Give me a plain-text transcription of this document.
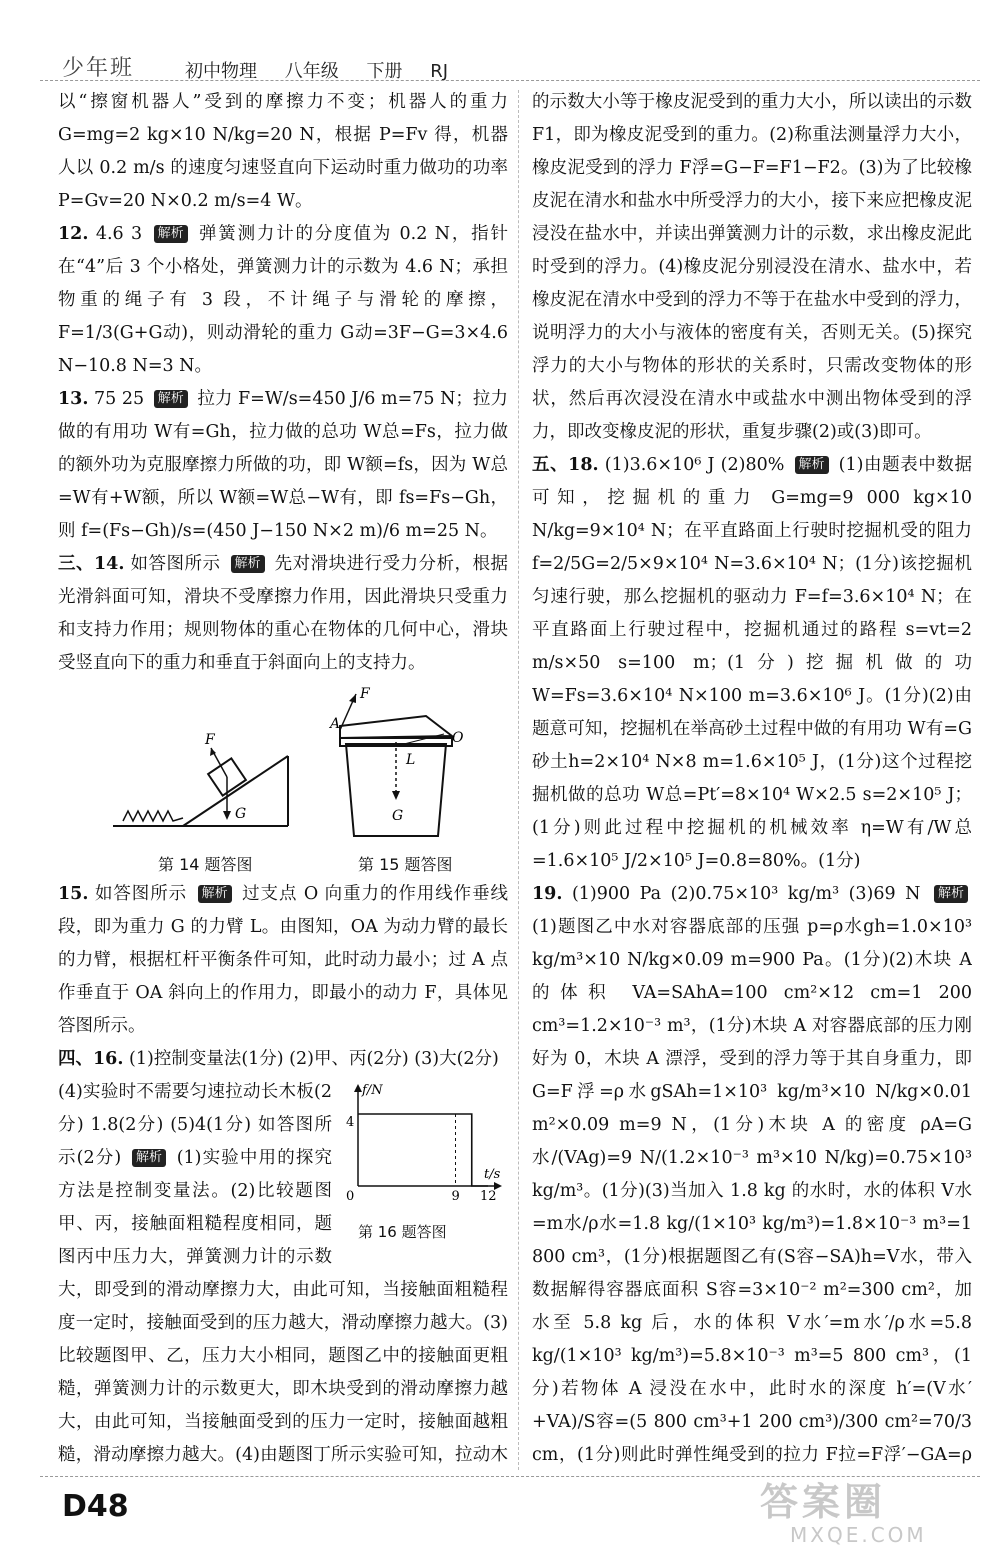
少年班	初中物理 八年级 下册 RJ

以“擦窗机器人”受到的摩擦力不变；机器人的重力 G=mg=2 kg×10 N/kg=20 N，根据 P=Fv 得，机器人以 0.2 m/s 的速度匀速竖直向下运动时重力做功的功率 P=Gv=20 N×0.2 m/s=4 W。

12. 4.6 3 解析 弹簧测力计的分度值为 0.2 N，指针在“4”后 3 个小格处，弹簧测力计的示数为 4.6 N；承担物重的绳子有 3 段，不计绳子与滑轮的摩擦，F=1/3(G+G动)，则动滑轮的重力 G动=3F−G=3×4.6 N−10.8 N=3 N。

13. 75 25 解析 拉力 F=W/s=450 J/6 m=75 N；拉力做的有用功 W有=Gh，拉力做的总功 W总=Fs，拉力做的额外功为克服摩擦力所做的功，即 W额=fs，因为 W总=W有+W额，所以 W额=W总−W有，即 fs=Fs−Gh，则 f=(Fs−Gh)/s=(450 J−150 N×2 m)/6 m=25 N。

三、14. 如答图所示 解析 先对滑块进行受力分析，根据光滑斜面可知，滑块不受摩擦力作用，因此滑块只受重力和支持力作用；规则物体的重心在物体的几何中心，滑块受竖直向下的重力和垂直于斜面向上的支持力。

F
G
F
A
L
O
G
第 14 题答图	第 15 题答图

15. 如答图所示 解析 过支点 O 向重力的作用线作垂线段，即为重力 G 的力臂 L。由图知，OA 为动力臂的最长的力臂，根据杠杆平衡条件可知，此时动力最小；过 A 点作垂直于 OA 斜向上的作用力，即最小的动力 F，具体见答图所示。

四、16. (1)控制变量法(1分) (2)甲、丙(2分) (3)大(2分)

f/N
t/s
0
4
9 12
第 16 题答图

(4)实验时不需要匀速拉动长木板(2分) 1.8(2分) (5)4(1分) 如答图所示(2分) 解析 (1)实验中用的探究方法是控制变量法。(2)比较题图甲、丙，接触面粗糙程度相同，题图丙中压力大，弹簧测力计的示数大，即受到的滑动摩擦力大，由此可知，当接触面粗糙程度一定时，接触面受到的压力越大，滑动摩擦力越大。(3)比较题图甲、乙，压力大小相同，题图乙中的接触面更粗糙，弹簧测力计的示数更大，即木块受到的滑动摩擦力越大，由此可知，当接触面受到的压力一定时，接触面越粗糙，滑动摩擦力越大。(4)由题图丁所示实验可知，拉动木

的示数大小等于橡皮泥受到的重力大小，所以读出的示数 F1，即为橡皮泥受到的重力。(2)称重法测量浮力大小，橡皮泥受到的浮力 F浮=G−F=F1−F2。(3)为了比较橡皮泥在清水和盐水中所受浮力的大小，接下来应把橡皮泥浸没在盐水中，并读出弹簧测力计的示数，求出橡皮泥此时受到的浮力。(4)橡皮泥分别浸没在清水、盐水中，若橡皮泥在清水中受到的浮力不等于在盐水中受到的浮力，说明浮力的大小与液体的密度有关，否则无关。(5)探究浮力的大小与物体的形状的关系时，只需改变物体的形状，然后再次浸没在清水中或盐水中测出物体受到的浮力，即改变橡皮泥的形状，重复步骤(2)或(3)即可。

五、18. (1)3.6×10⁶ J (2)80% 解析 (1)由题表中数据可知，挖掘机的重力 G=mg=9 000 kg×10 N/kg=9×10⁴ N；在平直路面上行驶时挖掘机受的阻力 f=2/5G=2/5×9×10⁴ N=3.6×10⁴ N；(1分)该挖掘机匀速行驶，那么挖掘机的驱动力 F=f=3.6×10⁴ N；在平直路面上行驶过程中，挖掘机通过的路程 s=vt=2 m/s×50 s=100 m；(1分)挖掘机做的功 W=Fs=3.6×10⁴ N×100 m=3.6×10⁶ J。(1分)(2)由题意可知，挖掘机在举高砂土过程中做的有用功 W有=G砂土h=2×10⁴ N×8 m=1.6×10⁵ J，(1分)这个过程挖掘机做的总功 W总=Pt′=8×10⁴ W×2.5 s=2×10⁵ J；(1分)则此过程中挖掘机的机械效率 η=W有/W总=1.6×10⁵ J/2×10⁵ J=0.8=80%。(1分)

19. (1)900 Pa (2)0.75×10³ kg/m³ (3)69 N 解析 (1)题图乙中水对容器底部的压强 p=ρ水gh=1.0×10³ kg/m³×10 N/kg×0.09 m=900 Pa。(1分)(2)木块 A 的体积 VA=SAhA=100 cm²×12 cm=1 200 cm³=1.2×10⁻³ m³，(1分)木块 A 对容器底部的压力刚好为 0，木块 A 漂浮，受到的浮力等于其自身重力，即 G=F浮=ρ水gSAh=1×10³ kg/m³×10 N/kg×0.01 m²×0.09 m=9 N，(1分)木块 A 的密度 ρA=G水/(VAg)=9 N/(1.2×10⁻³ m³×10 N/kg)=0.75×10³ kg/m³。(1分)(3)当加入 1.8 kg 的水时，水的体积 V水=m水/ρ水=1.8 kg/(1×10³ kg/m³)=1.8×10⁻³ m³=1 800 cm³，(1分)根据题图乙有(S容−SA)h=V水，带入数据解得容器底面积 S容=3×10⁻² m²=300 cm²，加水至 5.8 kg 后，水的体积 V水′=m水′/ρ水=5.8 kg/(1×10³ kg/m³)=5.8×10⁻³ m³=5 800 cm³，(1分)若物体 A 浸没在水中，此时水的深度 h′=(V水′+VA)/S容=(5 800 cm³+1 200 cm³)/300 cm²=70/3 cm，(1分)则此时弹性绳受到的拉力 F拉=F浮′−GA=ρ

D48	答案圈
MXQE.COM
